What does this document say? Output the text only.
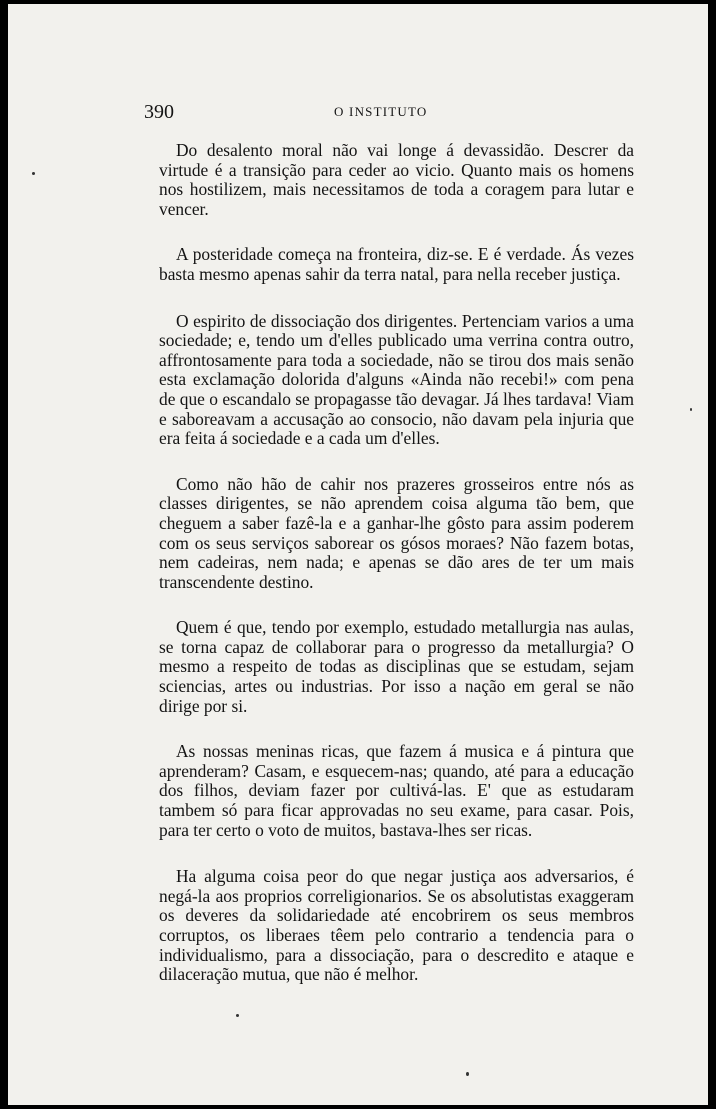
390	O INSTITUTO

Do desalento moral não vai longe á devassidão. Descrer da virtude é a transição para ceder ao vicio. Quanto mais os homens nos hostilizem, mais necessitamos de toda a coragem para lutar e vencer.

A posteridade começa na fronteira, diz-se. E é verdade. Ás vezes basta mesmo apenas sahir da terra natal, para nella receber justiça.

O espirito de dissociação dos dirigentes. Pertenciam varios a uma sociedade; e, tendo um d'elles publicado uma verrina contra outro, affrontosamente para toda a sociedade, não se tirou dos mais senão esta exclamação dolorida d'alguns «Ainda não recebi!» com pena de que o escandalo se propagasse tão devagar. Já lhes tardava! Viam e saboreavam a accusação ao consocio, não davam pela injuria que era feita á sociedade e a cada um d'elles.

Como não hão de cahir nos prazeres grosseiros entre nós as classes dirigentes, se não aprendem coisa alguma tão bem, que cheguem a saber fazê-la e a ganhar-lhe gôsto para assim poderem com os seus serviços saborear os gósos moraes? Não fazem botas, nem cadeiras, nem nada; e apenas se dão ares de ter um mais transcendente destino.

Quem é que, tendo por exemplo, estudado metallurgia nas aulas, se torna capaz de collaborar para o progresso da metallurgia? O mesmo a respeito de todas as disciplinas que se estudam, sejam sciencias, artes ou industrias. Por isso a nação em geral se não dirige por si.

As nossas meninas ricas, que fazem á musica e á pintura que aprenderam? Casam, e esquecem-nas; quando, até para a educação dos filhos, deviam fazer por cultivá-las. E' que as estudaram tambem só para ficar approvadas no seu exame, para casar. Pois, para ter certo o voto de muitos, bastava-lhes ser ricas.

Ha alguma coisa peor do que negar justiça aos adversarios, é negá-la aos proprios correligionarios. Se os absolutistas exaggeram os deveres da solidariedade até encobrirem os seus membros corruptos, os liberaes têem pelo contrario a tendencia para o individualismo, para a dissociação, para o descredito e ataque e dilaceração mutua, que não é melhor.
